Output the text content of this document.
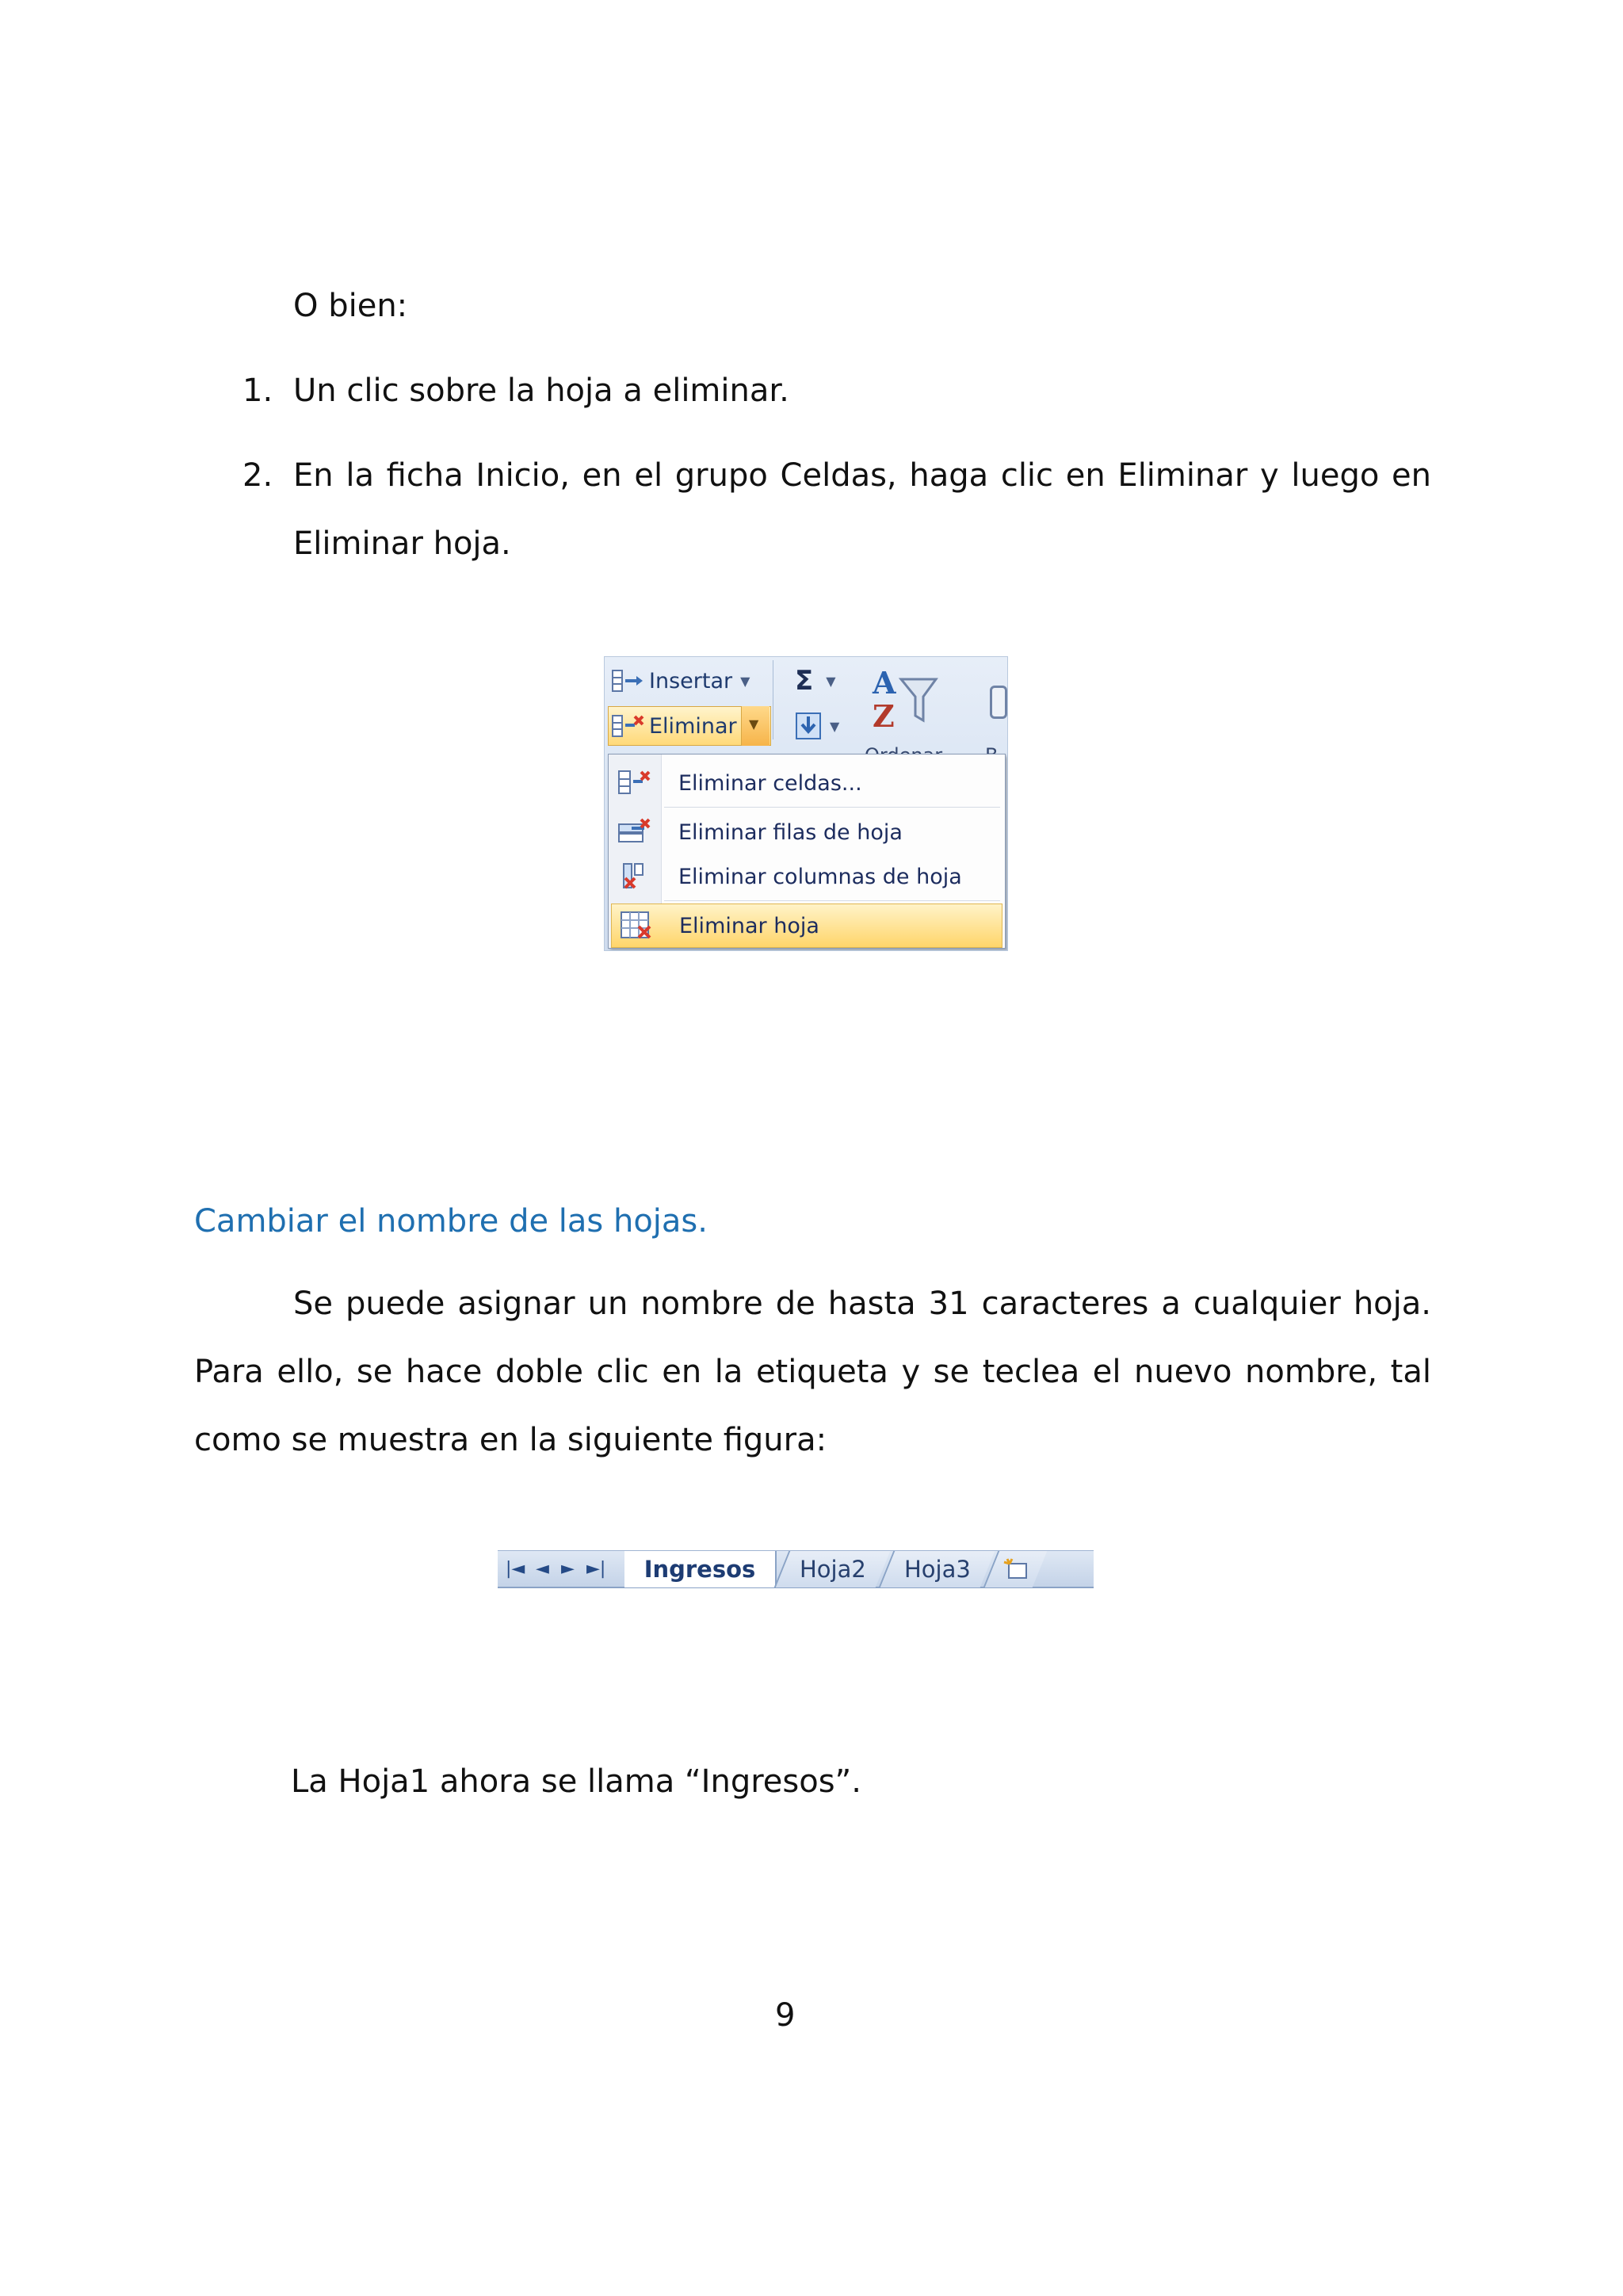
O bien:

1. Un clic sobre la hoja a eliminar.

2. En la ficha Inicio, en el grupo Celdas, haga clic en Eliminar y luego en Eliminar hoja.

Insertar ▼
▼
Eliminar
Σ ▼
▼
A
Z
Eliminar celdas...
Eliminar filas de hoja
Eliminar columnas de hoja
Eliminar hoja

Cambiar el nombre de las hojas.

Se puede asignar un nombre de hasta 31 caracteres a cualquier hoja. Para ello, se hace doble clic en la etiqueta y se teclea el nuevo nombre, tal como se muestra en la siguiente figura:

|◄ ◄ ► ►| Ingresos Hoja2 Hoja3

La Hoja1 ahora se llama “Ingresos”.

9
